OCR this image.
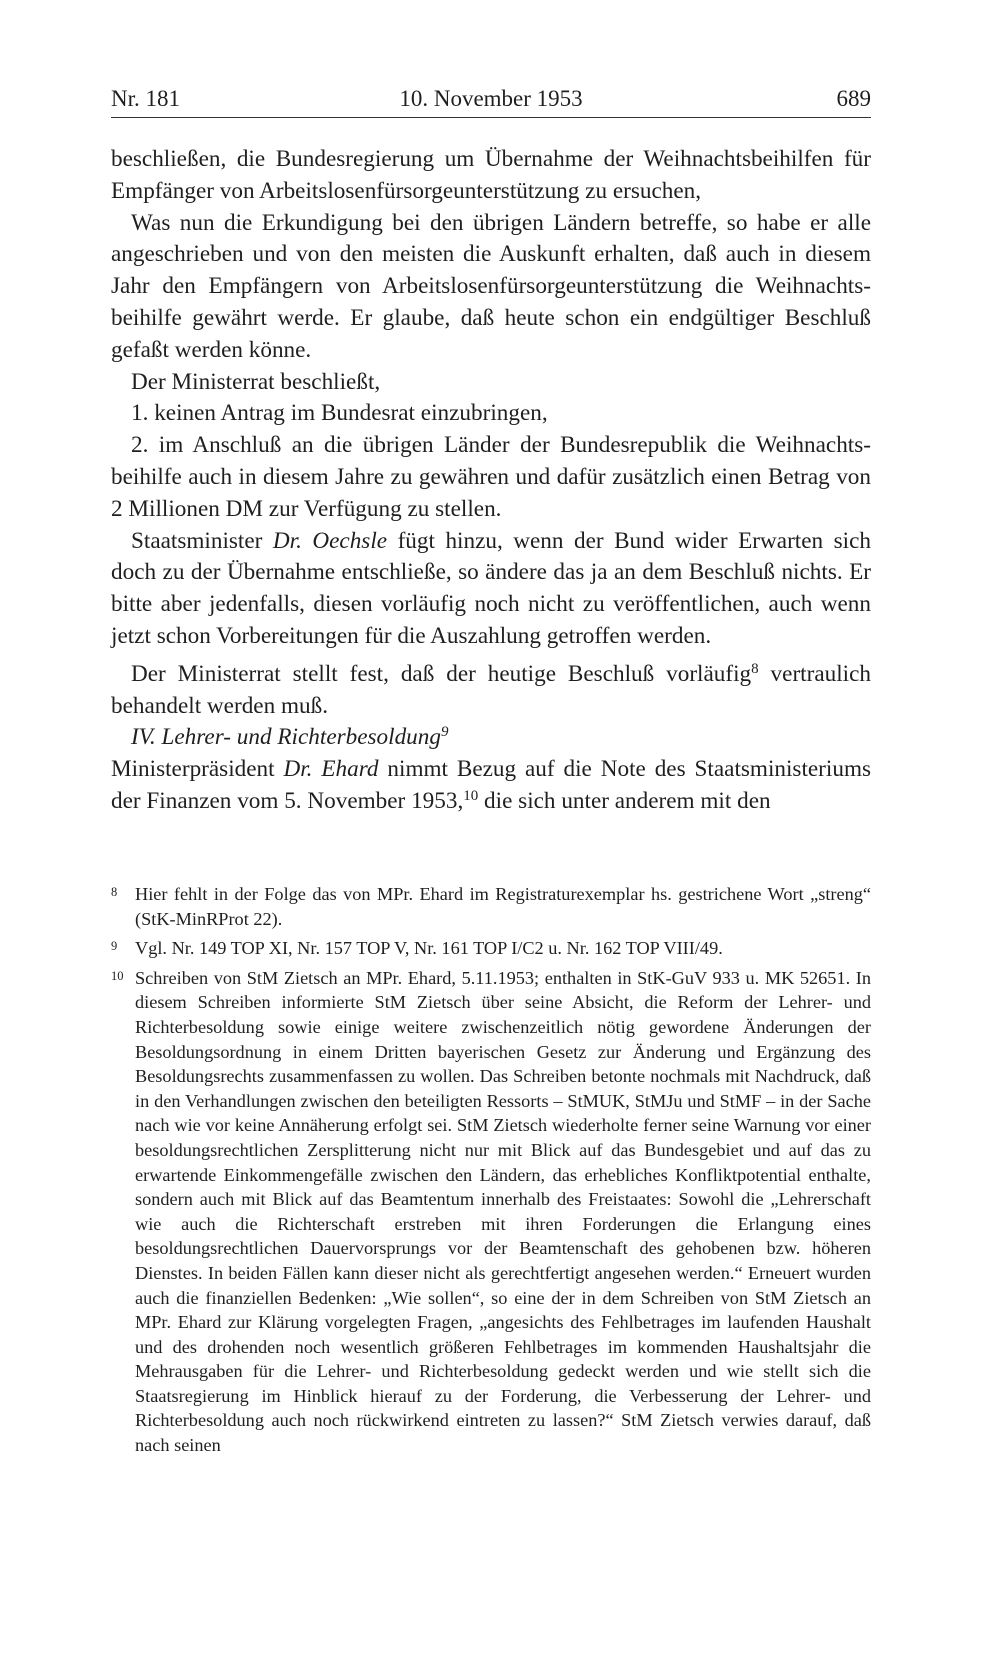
Nr. 181	10. November 1953	689

beschließen, die Bundesregierung um Übernahme der Weihnachtsbeihilfen für Empfänger von Arbeitslosenfürsorgeunterstützung zu ersuchen,

Was nun die Erkundigung bei den übrigen Ländern betreffe, so habe er alle angeschrieben und von den meisten die Auskunft erhalten, daß auch in diesem Jahr den Empfängern von Arbeitslosenfürsorgeunterstützung die Weihnachtsbeihilfe gewährt werde. Er glaube, daß heute schon ein endgültiger Beschluß gefaßt werden könne.

Der Ministerrat beschließt,

1. keinen Antrag im Bundesrat einzubringen,

2. im Anschluß an die übrigen Länder der Bundesrepublik die Weihnachtsbeihilfe auch in diesem Jahre zu gewähren und dafür zusätzlich einen Betrag von 2 Millionen DM zur Verfügung zu stellen.

Staatsminister Dr. Oechsle fügt hinzu, wenn der Bund wider Erwarten sich doch zu der Übernahme entschließe, so ändere das ja an dem Beschluß nichts. Er bitte aber jedenfalls, diesen vorläufig noch nicht zu veröffentlichen, auch wenn jetzt schon Vorbereitungen für die Auszahlung getroffen werden.

Der Ministerrat stellt fest, daß der heutige Beschluß vorläufig$^8$ vertraulich behandelt werden muß.

IV. Lehrer- und Richterbesoldung$^9$

Ministerpräsident Dr. Ehard nimmt Bezug auf die Note des Staatsministeriums der Finanzen vom 5. November 1953,10 die sich unter anderem mit den

8 Hier fehlt in der Folge das von MPr. Ehard im Registraturexemplar hs. gestrichene Wort „streng“ (StK-MinRProt 22).
9 Vgl. Nr. 149 TOP XI, Nr. 157 TOP V, Nr. 161 TOP I/C2 u. Nr. 162 TOP VIII/49.
10 Schreiben von StM Zietsch an MPr. Ehard, 5.11.1953; enthalten in StK-GuV 933 u. MK 52651. In diesem Schreiben informierte StM Zietsch über seine Absicht, die Reform der Lehrer- und Richterbesoldung sowie einige weitere zwischenzeitlich nötig gewordene Änderungen der Besoldungsordnung in einem Dritten bayerischen Gesetz zur Änderung und Ergänzung des Besoldungsrechts zusammenfassen zu wollen. Das Schreiben betonte nochmals mit Nachdruck, daß in den Verhandlungen zwischen den beteiligten Ressorts – StMUK, StMJu und StMF – in der Sache nach wie vor keine Annäherung erfolgt sei. StM Zietsch wiederholte ferner seine Warnung vor einer besoldungsrechtlichen Zersplitterung nicht nur mit Blick auf das Bundesgebiet und auf das zu erwartende Einkommengefälle zwischen den Ländern, das erhebliches Konfliktpotential enthalte, sondern auch mit Blick auf das Beamtentum innerhalb des Freistaates: Sowohl die „Lehrerschaft wie auch die Richterschaft erstreben mit ihren Forderungen die Erlangung eines besoldungsrechtlichen Dauervorsprungs vor der Beamtenschaft des gehobenen bzw. höheren Dienstes. In beiden Fällen kann dieser nicht als gerechtfertigt angesehen werden.“ Erneuert wurden auch die finanziellen Bedenken: „Wie sollen“, so eine der in dem Schreiben von StM Zietsch an MPr. Ehard zur Klärung vorgelegten Fragen, „angesichts des Fehlbetrages im laufenden Haushalt und des drohenden noch wesentlich größeren Fehlbetrages im kommenden Haushaltsjahr die Mehrausgaben für die Lehrer- und Richterbesoldung gedeckt werden und wie stellt sich die Staatsregierung im Hinblick hierauf zu der Forderung, die Verbesserung der Lehrer- und Richterbesoldung auch noch rückwirkend eintreten zu lassen?“ StM Zietsch verwies darauf, daß nach seinen
